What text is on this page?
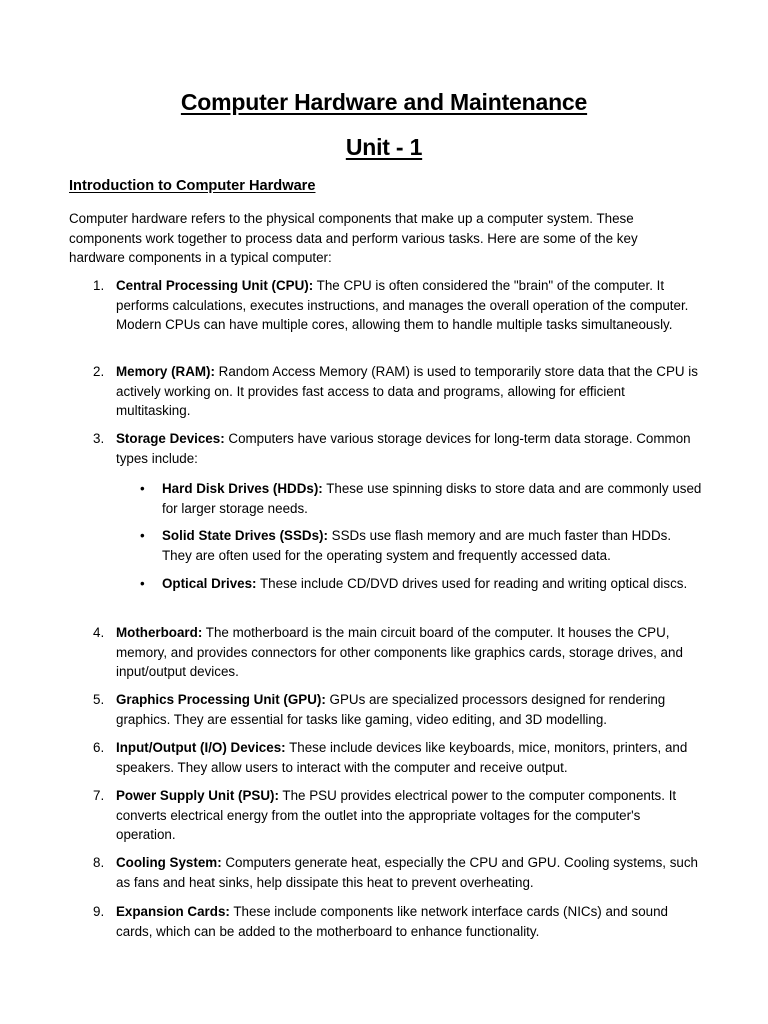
Computer Hardware and Maintenance
Unit - 1
Introduction to Computer Hardware

Computer hardware refers to the physical components that make up a computer system. These components work together to process data and perform various tasks. Here are some of the key hardware components in a typical computer:

1. Central Processing Unit (CPU): The CPU is often considered the "brain" of the computer. It performs calculations, executes instructions, and manages the overall operation of the computer. Modern CPUs can have multiple cores, allowing them to handle multiple tasks simultaneously.
2. Memory (RAM): Random Access Memory (RAM) is used to temporarily store data that the CPU is actively working on. It provides fast access to data and programs, allowing for efficient multitasking.
3. Storage Devices: Computers have various storage devices for long-term data storage. Common types include:
• Hard Disk Drives (HDDs): These use spinning disks to store data and are commonly used for larger storage needs.
• Solid State Drives (SSDs): SSDs use flash memory and are much faster than HDDs. They are often used for the operating system and frequently accessed data.
• Optical Drives: These include CD/DVD drives used for reading and writing optical discs.
4. Motherboard: The motherboard is the main circuit board of the computer. It houses the CPU, memory, and provides connectors for other components like graphics cards, storage drives, and input/output devices.
5. Graphics Processing Unit (GPU): GPUs are specialized processors designed for rendering graphics. They are essential for tasks like gaming, video editing, and 3D modelling.
6. Input/Output (I/O) Devices: These include devices like keyboards, mice, monitors, printers, and speakers. They allow users to interact with the computer and receive output.
7. Power Supply Unit (PSU): The PSU provides electrical power to the computer components. It converts electrical energy from the outlet into the appropriate voltages for the computer's operation.
8. Cooling System: Computers generate heat, especially the CPU and GPU. Cooling systems, such as fans and heat sinks, help dissipate this heat to prevent overheating.
9. Expansion Cards: These include components like network interface cards (NICs) and sound cards, which can be added to the motherboard to enhance functionality.
